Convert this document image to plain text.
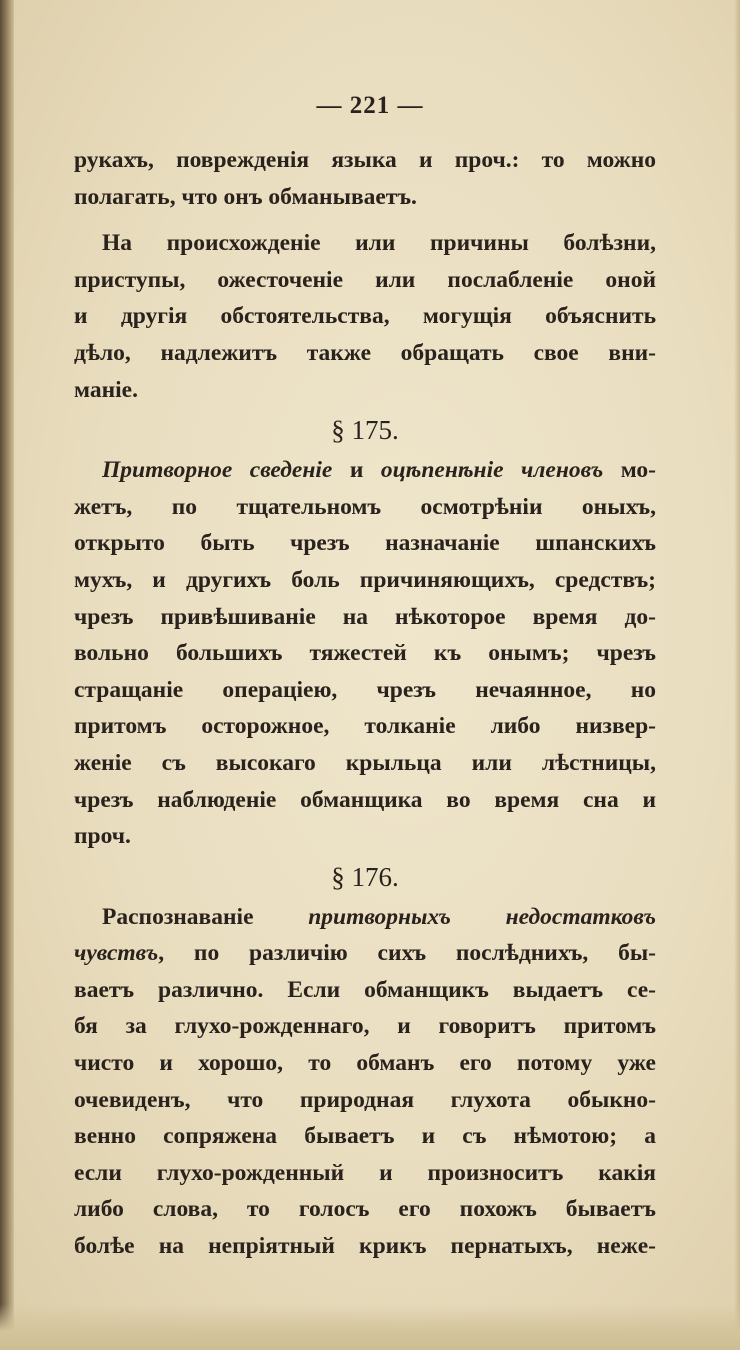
— 221 —
рукахъ, поврежденія языка и проч.: то можно
полагать, что онъ обманываетъ.
На происхожденіе или причины болѣзни,
приступы, ожесточеніе или послабленіе оной
и другія обстоятельства, могущія объяснить
дѣло, надлежитъ также обращать свое вни-
маніе.
§ 175.
Притворное сведеніе и оцѣпенѣніе членовъ мо-
жетъ, по тщательномъ осмотрѣніи оныхъ,
открыто быть чрезъ назначаніе шпанскихъ
мухъ, и другихъ боль причиняющихъ, средствъ;
чрезъ привѣшиваніе на нѣкоторое время до-
вольно большихъ тяжестей къ онымъ; чрезъ
стращаніе операціею, чрезъ нечаянное, но
притомъ осторожное, толканіе либо низвер-
женіе съ высокаго крыльца или лѣстницы,
чрезъ наблюденіе обманщика во время сна и
проч.
§ 176.
Распознаваніе притворныхъ недостатковъ
чувствъ, по различію сихъ послѣднихъ, бы-
ваетъ различно. Если обманщикъ выдаетъ се-
бя за глухо-рожденнаго, и говоритъ притомъ
чисто и хорошо, то обманъ его потому уже
очевиденъ, что природная глухота обыкно-
венно сопряжена бываетъ и съ нѣмотою; а
если глухо-рожденный и произноситъ какія
либо слова, то голосъ его похожъ бываетъ
болѣе на непріятный крикъ пернатыхъ, нежe-
